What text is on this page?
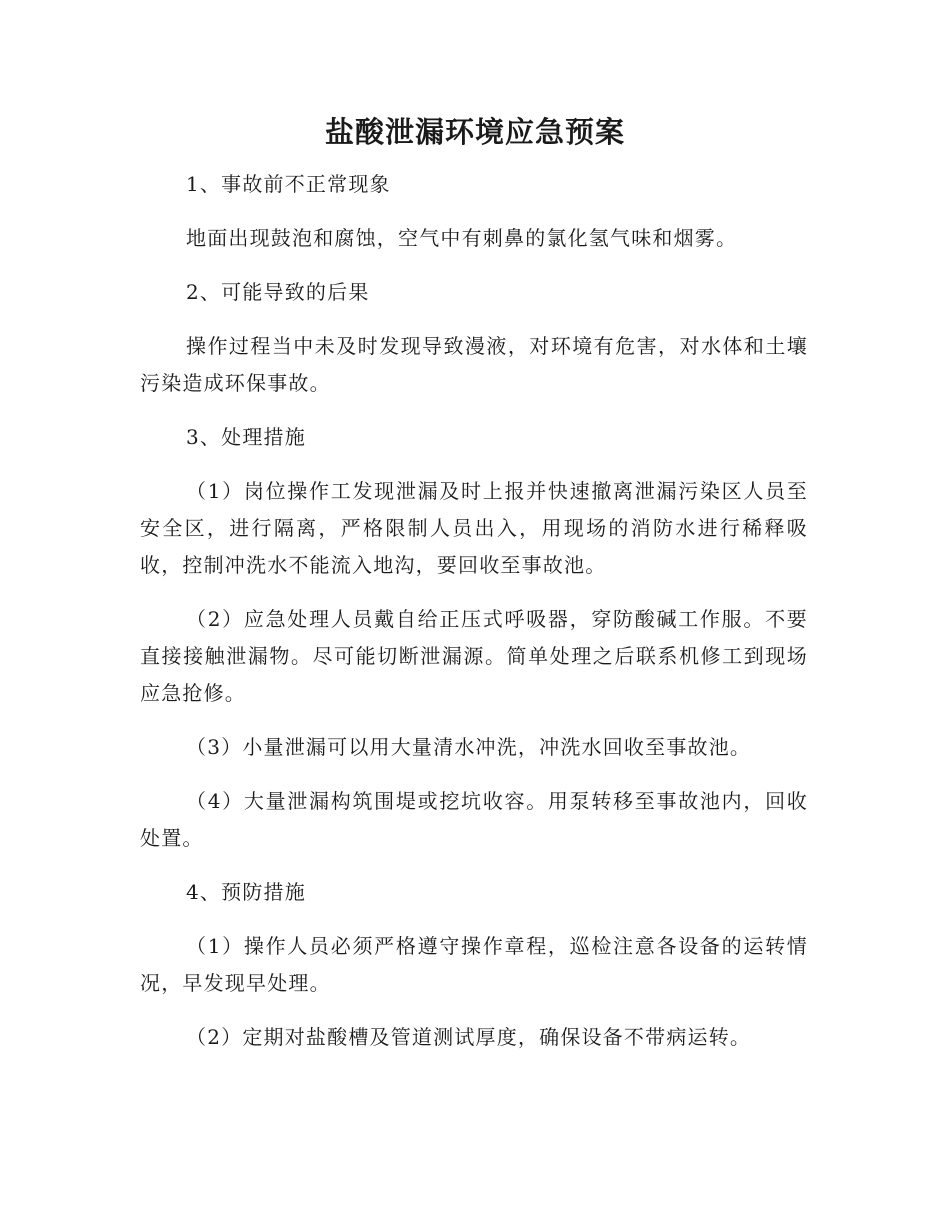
盐酸泄漏环境应急预案

1、事故前不正常现象

地面出现鼓泡和腐蚀，空气中有刺鼻的氯化氢气味和烟雾。

2、可能导致的后果

操作过程当中未及时发现导致漫液，对环境有危害，对水体和土壤污染造成环保事故。

3、处理措施

（1）岗位操作工发现泄漏及时上报并快速撤离泄漏污染区人员至安全区，进行隔离，严格限制人员出入，用现场的消防水进行稀释吸收，控制冲洗水不能流入地沟，要回收至事故池。

（2）应急处理人员戴自给正压式呼吸器，穿防酸碱工作服。不要直接接触泄漏物。尽可能切断泄漏源。简单处理之后联系机修工到现场应急抢修。

（3）小量泄漏可以用大量清水冲洗，冲洗水回收至事故池。

（4）大量泄漏构筑围堤或挖坑收容。用泵转移至事故池内，回收处置。

4、预防措施

（1）操作人员必须严格遵守操作章程，巡检注意各设备的运转情况，早发现早处理。

（2）定期对盐酸槽及管道测试厚度，确保设备不带病运转。
